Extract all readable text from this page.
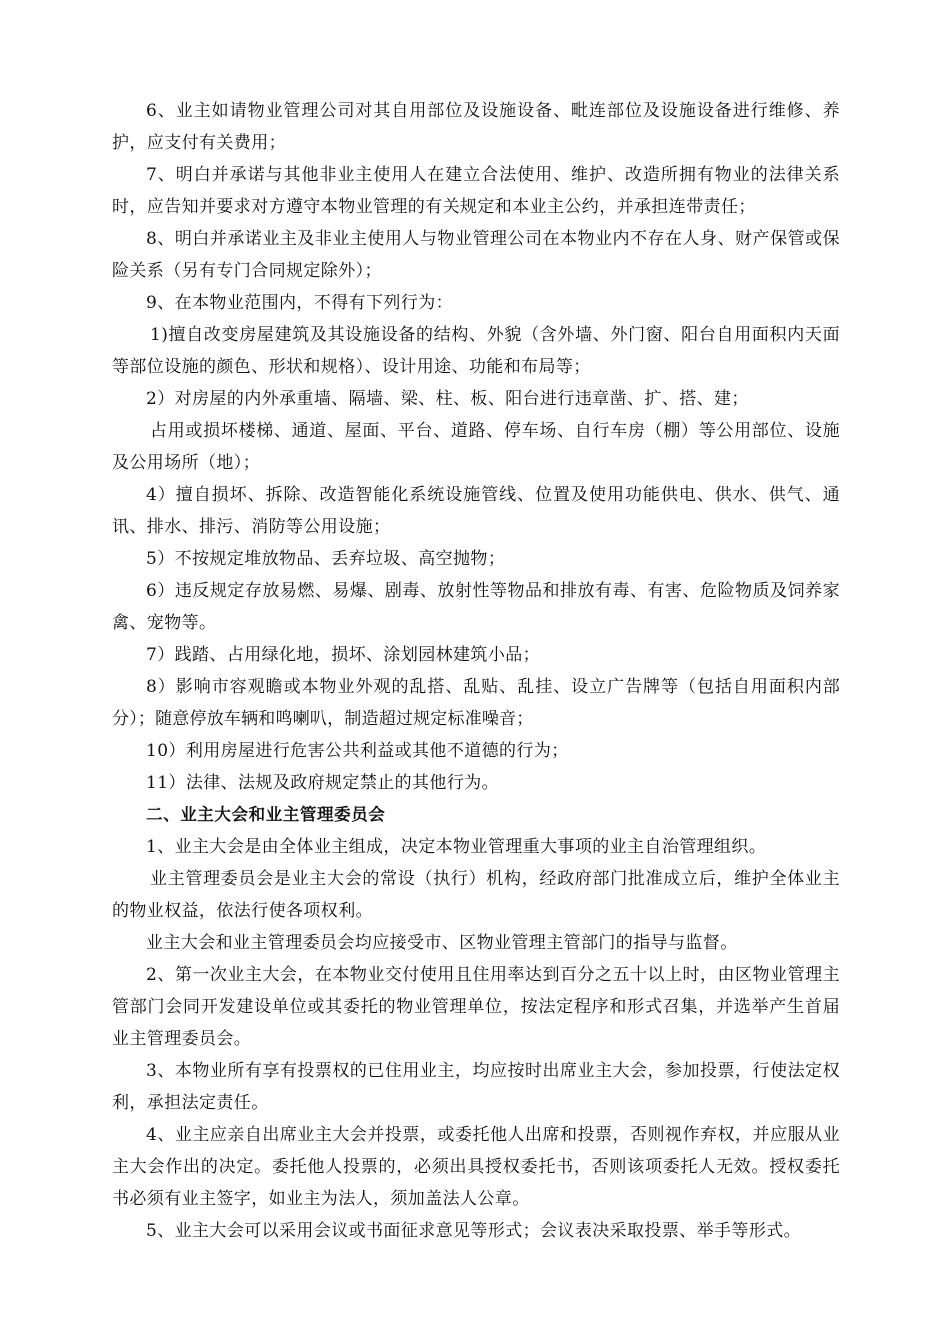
6、业主如请物业管理公司对其自用部位及设施设备、毗连部位及设施设备进行维修、养护，应支付有关费用；

7、明白并承诺与其他非业主使用人在建立合法使用、维护、改造所拥有物业的法律关系时，应告知并要求对方遵守本物业管理的有关规定和本业主公约，并承担连带责任；

8、明白并承诺业主及非业主使用人与物业管理公司在本物业内不存在人身、财产保管或保险关系（另有专门合同规定除外）；

9、在本物业范围内，不得有下列行为：

1)擅自改变房屋建筑及其设施设备的结构、外貌（含外墙、外门窗、阳台自用面积内天面等部位设施的颜色、形状和规格）、设计用途、功能和布局等；

2）对房屋的内外承重墙、隔墙、梁、柱、板、阳台进行违章凿、扩、搭、建；

占用或损坏楼梯、通道、屋面、平台、道路、停车场、自行车房（棚）等公用部位、设施及公用场所（地）；

4）擅自损坏、拆除、改造智能化系统设施管线、位置及使用功能供电、供水、供气、通讯、排水、排污、消防等公用设施；

5）不按规定堆放物品、丢弃垃圾、高空抛物；

6）违反规定存放易燃、易爆、剧毒、放射性等物品和排放有毒、有害、危险物质及饲养家禽、宠物等。

7）践踏、占用绿化地，损坏、涂划园林建筑小品；

8）影响市容观瞻或本物业外观的乱搭、乱贴、乱挂、设立广告牌等（包括自用面积内部分）；随意停放车辆和鸣喇叭，制造超过规定标准噪音；

10）利用房屋进行危害公共利益或其他不道德的行为；

11）法律、法规及政府规定禁止的其他行为。

二、业主大会和业主管理委员会

1、业主大会是由全体业主组成，决定本物业管理重大事项的业主自治管理组织。

业主管理委员会是业主大会的常设（执行）机构，经政府部门批准成立后，维护全体业主的物业权益，依法行使各项权利。

业主大会和业主管理委员会均应接受市、区物业管理主管部门的指导与监督。

2、第一次业主大会，在本物业交付使用且住用率达到百分之五十以上时，由区物业管理主管部门会同开发建设单位或其委托的物业管理单位，按法定程序和形式召集，并选举产生首届业主管理委员会。

3、本物业所有享有投票权的已住用业主，均应按时出席业主大会，参加投票，行使法定权利，承担法定责任。

4、业主应亲自出席业主大会并投票，或委托他人出席和投票，否则视作弃权，并应服从业主大会作出的决定。委托他人投票的，必须出具授权委托书，否则该项委托人无效。授权委托书必须有业主签字，如业主为法人，须加盖法人公章。

5、业主大会可以采用会议或书面征求意见等形式；会议表决采取投票、举手等形式。
